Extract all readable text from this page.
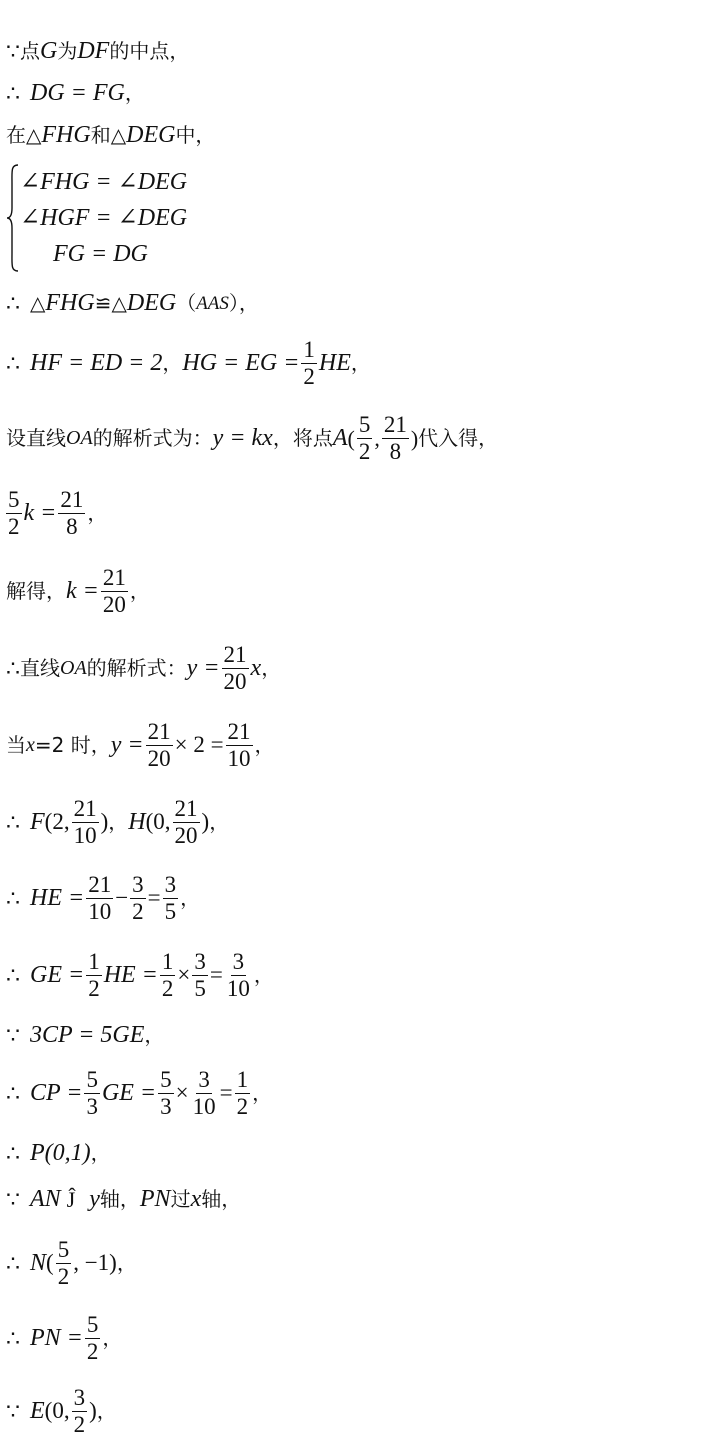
∵ 点 G 为 DF 的中点，
∴ DG = FG ，
在△ FHG 和△ DEG 中，
∠FHG = ∠DEG
∠HGF = ∠DEG
FG = DG
∴ △ FHG ≌△ DEG （ AAS ），
∴ HF = ED = 2 ， HG = EG = $\frac{1}{2}$ HE ，
设直线 OA 的解析式为： y = kx ，将点 A ( $\frac{5}{2}$ , $\frac{21}{8}$ ) 代入得，
$\frac{5}{2}$ $k = \frac{21}{8}$ ，
解得， $k = \frac{21}{20}$ ，
∴ 直线 OA 的解析式： $y = \frac{21}{20}$ x ，
当 x =2 时， $y = \frac{21}{20} \times 2 = \frac{21}{10}$ ，
∴ F (2, $\frac{21}{10}$ ) ， H (0, $\frac{21}{20}$ ) ，
∴ HE = $\frac{21}{10} - \frac{3}{2} = \frac{3}{5}$ ，
∴ GE = $\frac{1}{2}$ HE = $\frac{1}{2} \times \frac{3}{5} = \frac{3}{10}$ ，
∵ 3CP = 5GE ，
∴ CP = $\frac{5}{3}$ GE = $\frac{5}{3} \times \frac{3}{10} = \frac{1}{2}$ ，
∴ P(0,1) ，
∵ AN Ĵ y 轴， PN 过 x 轴，
∴ N ( $\frac{5}{2}$ , −1) ，
∴ PN = $\frac{5}{2}$ ，
∵ E (0, $\frac{3}{2}$ ) ，
